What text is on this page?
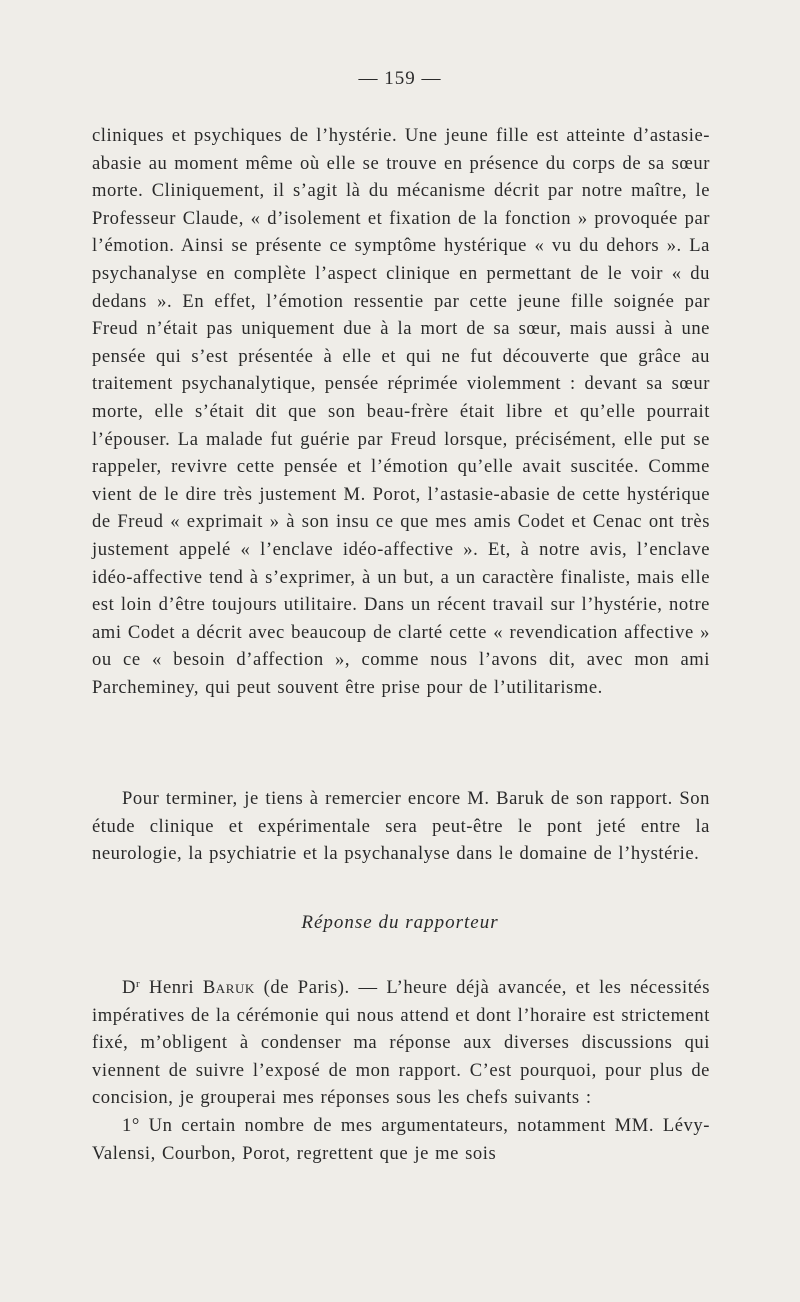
— 159 —

cliniques et psychiques de l’hystérie. Une jeune fille est atteinte d’astasie-abasie au moment même où elle se trouve en présence du corps de sa sœur morte. Cliniquement, il s’agit là du mécanisme décrit par notre maître, le Professeur Claude, « d’isolement et fixation de la fonction » provoquée par l’émotion. Ainsi se présente ce symptôme hystérique « vu du dehors ». La psychanalyse en complète l’aspect clinique en permettant de le voir « du dedans ». En effet, l’émotion ressentie par cette jeune fille soignée par Freud n’était pas uniquement due à la mort de sa sœur, mais aussi à une pensée qui s’est présentée à elle et qui ne fut découverte que grâce au traitement psychanalytique, pensée réprimée violemment : devant sa sœur morte, elle s’était dit que son beau-frère était libre et qu’elle pourrait l’épouser. La malade fut guérie par Freud lorsque, précisément, elle put se rappeler, revivre cette pensée et l’émotion qu’elle avait suscitée. Comme vient de le dire très justement M. Porot, l’astasie-abasie de cette hystérique de Freud « exprimait » à son insu ce que mes amis Codet et Cenac ont très justement appelé « l’enclave idéo-affective ». Et, à notre avis, l’enclave idéo-affective tend à s’exprimer, à un but, a un caractère finaliste, mais elle est loin d’être toujours utilitaire. Dans un récent travail sur l’hystérie, notre ami Codet a décrit avec beaucoup de clarté cette « revendication affective » ou ce « besoin d’affection », comme nous l’avons dit, avec mon ami Parcheminey, qui peut souvent être prise pour de l’utilitarisme.

Pour terminer, je tiens à remercier encore M. Baruk de son rapport. Son étude clinique et expérimentale sera peut-être le pont jeté entre la neurologie, la psychiatrie et la psychanalyse dans le domaine de l’hystérie.

Réponse du rapporteur

$D^r$ Henri Baruk (de Paris). — L’heure déjà avancée, et les nécessités impératives de la cérémonie qui nous attend et dont l’horaire est strictement fixé, m’obligent à condenser ma réponse aux diverses discussions qui viennent de suivre l’exposé de mon rapport. C’est pourquoi, pour plus de concision, je grouperai mes réponses sous les chefs suivants :

1° Un certain nombre de mes argumentateurs, notamment MM. Lévy-Valensi, Courbon, Porot, regrettent que je me sois
